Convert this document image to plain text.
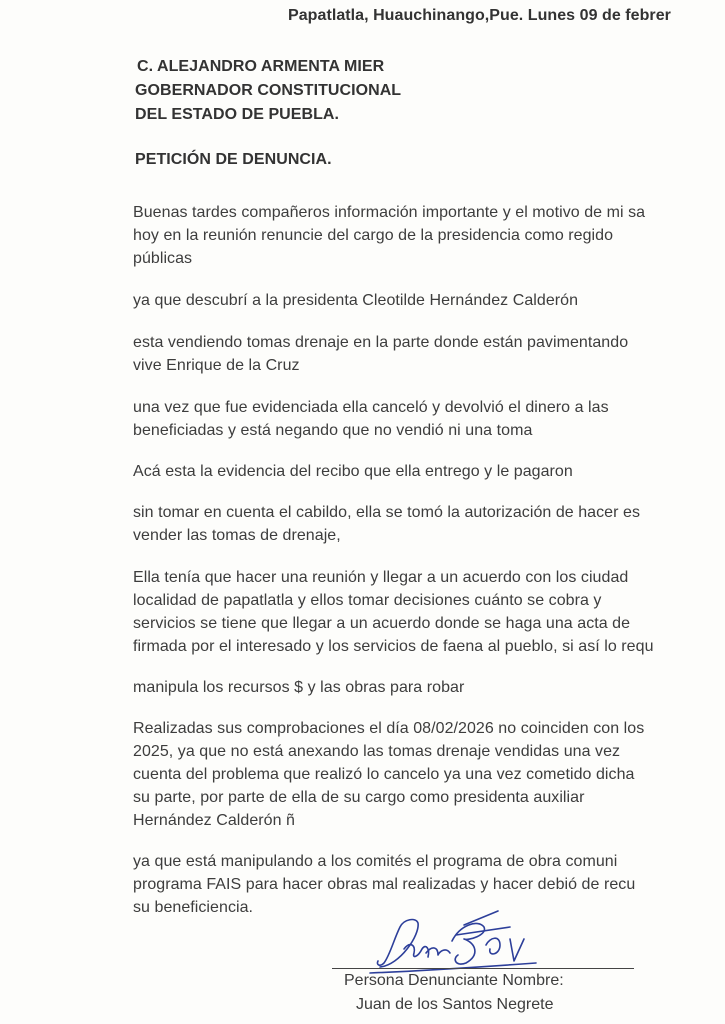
Papatlatla, Huauchinango,Pue. Lunes 09 de febrer
C. ALEJANDRO ARMENTA MIER
GOBERNADOR CONSTITUCIONAL
DEL ESTADO DE PUEBLA.
PETICIÓN DE DENUNCIA.
Buenas tardes compañeros información importante y el motivo de mi sa
hoy en la reunión renuncie del cargo de la presidencia como regido
públicas
ya que descubrí a la presidenta Cleotilde Hernández Calderón
esta vendiendo tomas drenaje en la parte donde están pavimentando
vive Enrique de la Cruz
una vez que fue evidenciada ella canceló y devolvió el dinero a las
beneficiadas y está negando que no vendió ni una toma
Acá esta la evidencia del recibo que ella entrego y le pagaron
sin tomar en cuenta el cabildo, ella se tomó la autorización de hacer es
vender las tomas de drenaje,
Ella tenía que hacer una reunión y llegar a un acuerdo con los ciudad
localidad de papatlatla y ellos tomar decisiones cuánto se cobra y
servicios se tiene que llegar a un acuerdo donde se haga una acta de
firmada por el interesado y los servicios de faena al pueblo, si así lo requ
manipula los recursos $ y las obras para robar
Realizadas sus comprobaciones el día 08/02/2026 no coinciden con los
2025, ya que no está anexando las tomas drenaje vendidas una vez
cuenta del problema que realizó lo cancelo ya una vez cometido dicha
su parte, por parte de ella de su cargo como presidenta auxiliar
Hernández Calderón ñ
ya que está manipulando a los comités el programa de obra comuni
programa FAIS para hacer obras mal realizadas y hacer debió de recu
su beneficiencia.
Persona Denunciante Nombre:
Juan de los Santos Negrete
